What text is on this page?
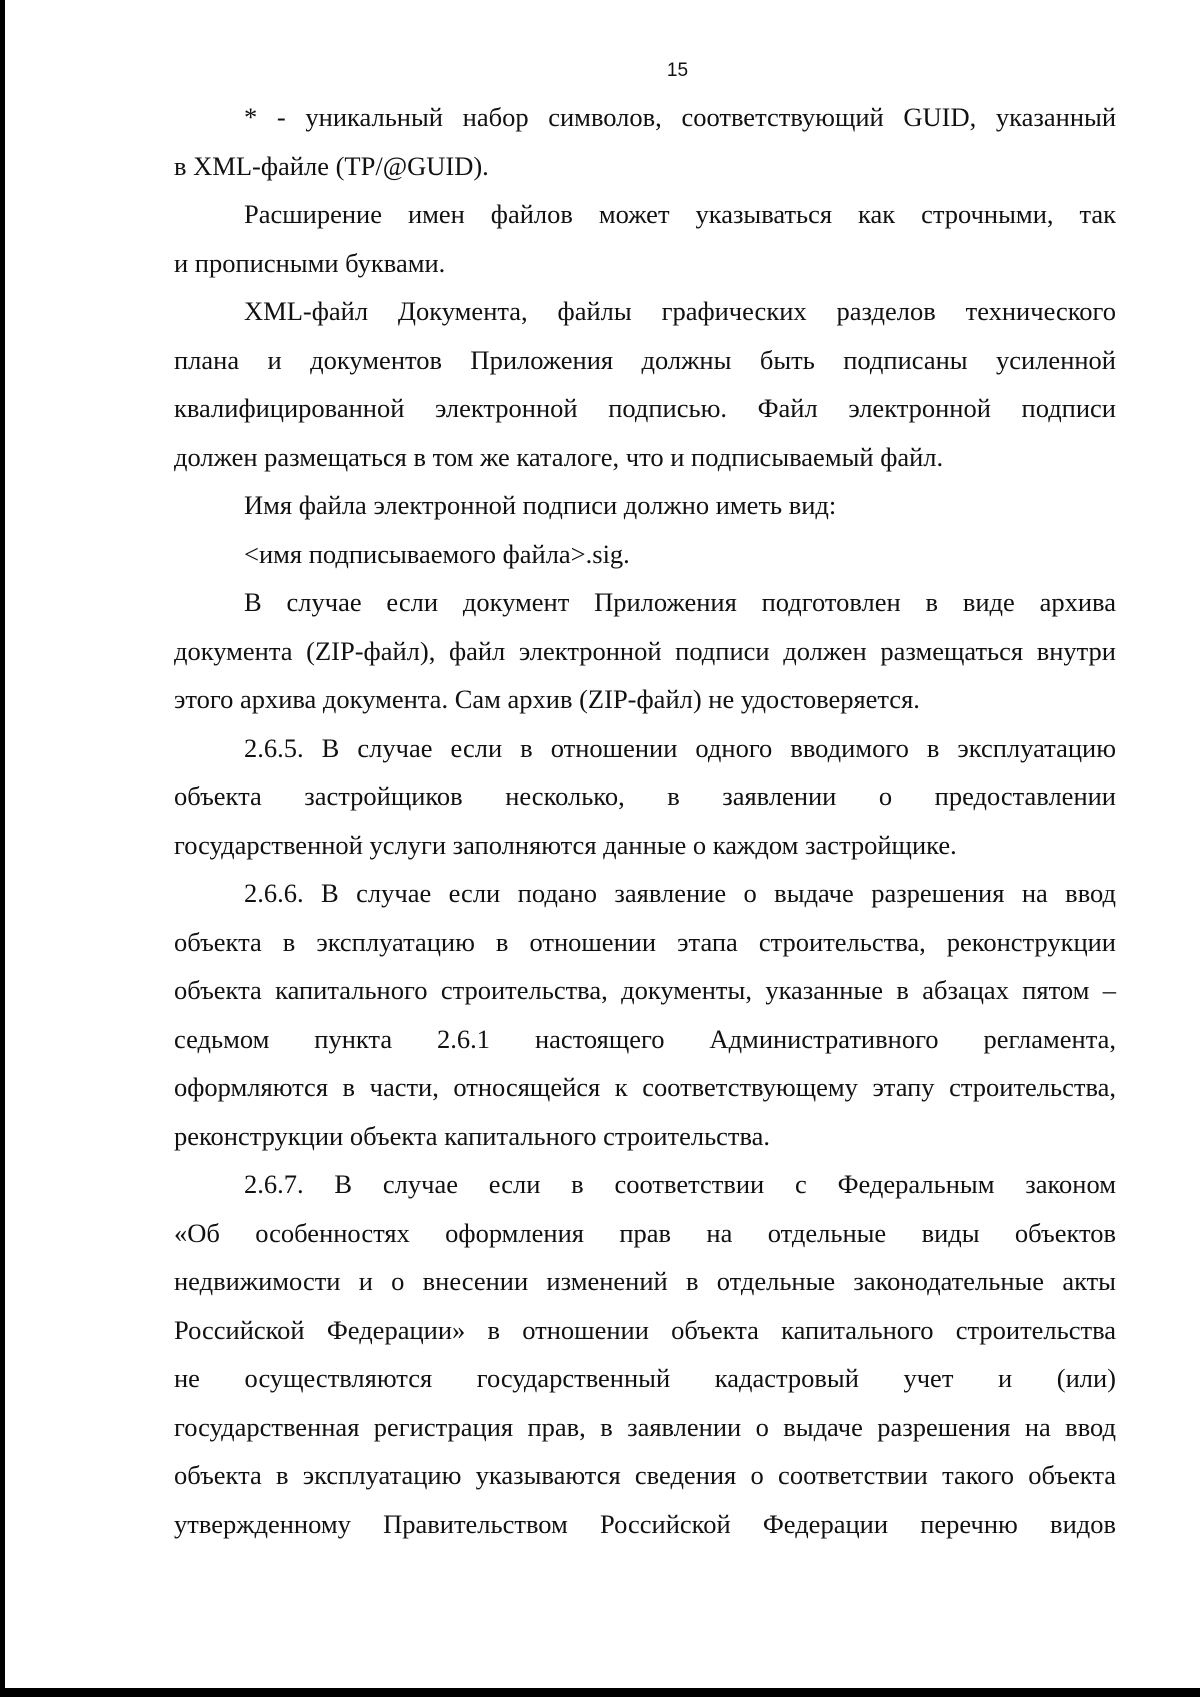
15

* - уникальный набор символов, соответствующий GUID, указанный
в XML-файле (TP/@GUID).

Расширение имен файлов может указываться как строчными, так
и прописными буквами.

XML-файл Документа, файлы графических разделов технического
плана и документов Приложения должны быть подписаны усиленной
квалифицированной электронной подписью. Файл электронной подписи
должен размещаться в том же каталоге, что и подписываемый файл.

Имя файла электронной подписи должно иметь вид:

<имя подписываемого файла>.sig.

В случае если документ Приложения подготовлен в виде архива
документа (ZIP-файл), файл электронной подписи должен размещаться внутри
этого архива документа. Сам архив (ZIP-файл) не удостоверяется.

2.6.5. В случае если в отношении одного вводимого в эксплуатацию
объекта застройщиков несколько, в заявлении о предоставлении
государственной услуги заполняются данные о каждом застройщике.

2.6.6. В случае если подано заявление о выдаче разрешения на ввод
объекта в эксплуатацию в отношении этапа строительства, реконструкции
объекта капитального строительства, документы, указанные в абзацах пятом –
седьмом пункта 2.6.1 настоящего Административного регламента,
оформляются в части, относящейся к соответствующему этапу строительства,
реконструкции объекта капитального строительства.

2.6.7. В случае если в соответствии с Федеральным законом
«Об особенностях оформления прав на отдельные виды объектов
недвижимости и о внесении изменений в отдельные законодательные акты
Российской Федерации» в отношении объекта капитального строительства
не осуществляются государственный кадастровый учет и (или)
государственная регистрация прав, в заявлении о выдаче разрешения на ввод
объекта в эксплуатацию указываются сведения о соответствии такого объекта
утвержденному Правительством Российской Федерации перечню видов
